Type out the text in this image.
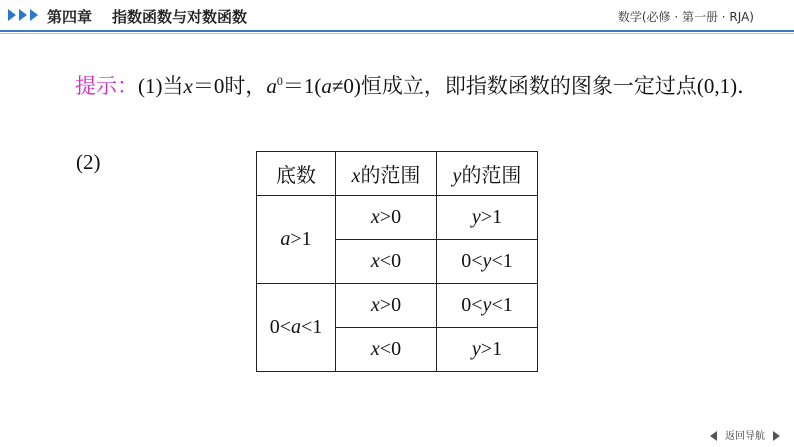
第四章 指数函数与对数函数	数学(必修 · 第一册 · RJA)
提示：(1)当x＝0时，$a^0=1(a\ne 0)$恒成立，即指数函数的图象一定过点(0,1)．
(2)
底数	x的范围	y的范围
a>1	x>0	y>1
	x<0	0<y<1
0<a<1	x>0	0<y<1
	x<0	y>1
返回导航
